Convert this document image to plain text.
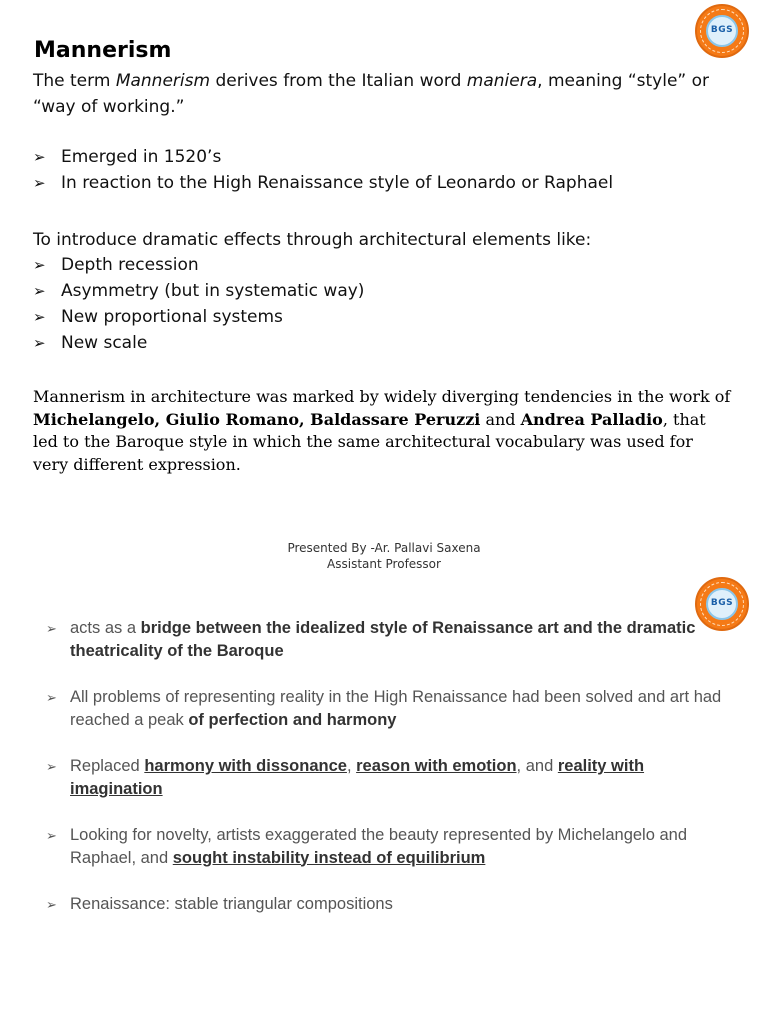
BGS
Mannerism
The term Mannerism derives from the Italian word maniera, meaning “style” or “way of working.”
➢ Emerged in 1520’s
➢ In reaction to the High Renaissance style of Leonardo or Raphael
To introduce dramatic effects through architectural elements like:
➢ Depth recession
➢ Asymmetry (but in systematic way)
➢ New proportional systems
➢ New scale
Mannerism in architecture was marked by widely diverging tendencies in the work of Michelangelo, Giulio Romano, Baldassare Peruzzi and Andrea Palladio, that led to the Baroque style in which the same architectural vocabulary was used for very different expression.
Presented By -Ar. Pallavi Saxena
Assistant Professor
BGS
➢ acts as a bridge between the idealized style of Renaissance art and the dramatic theatricality of the Baroque
➢ All problems of representing reality in the High Renaissance had been solved and art had reached a peak of perfection and harmony
➢ Replaced harmony with dissonance, reason with emotion, and reality with imagination
➢ Looking for novelty, artists exaggerated the beauty represented by Michelangelo and Raphael, and sought instability instead of equilibrium
➢ Renaissance: stable triangular compositions
